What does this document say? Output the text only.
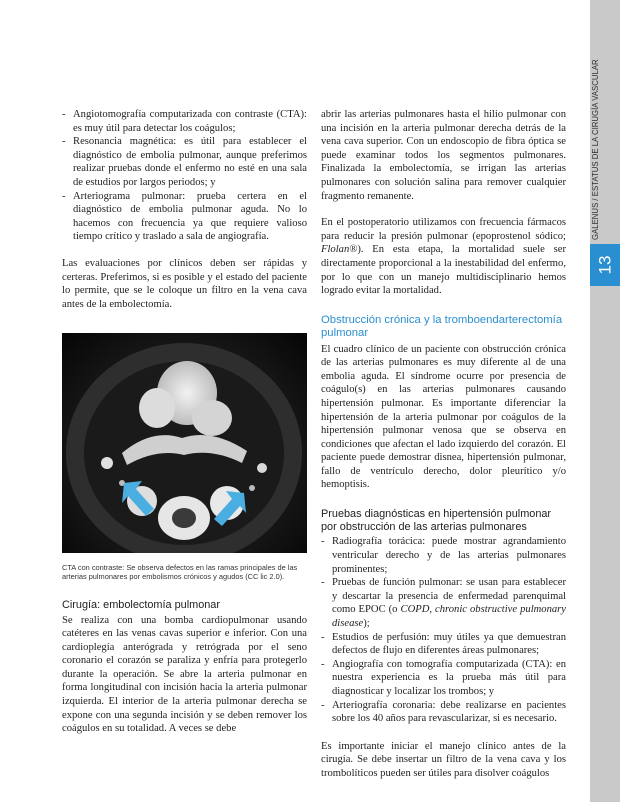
GALENUS / ESTATUS DE LA CIRUGÍA VASCULAR
13
- Angiotomografía computarizada con contraste (CTA): es muy útil para detectar los coágulos;
- Resonancia magnética: es útil para establecer el diagnóstico de embolia pulmonar, aunque preferimos realizar pruebas donde el enfermo no esté en una sala de estudios por largos periodos; y
- Arteriograma pulmonar: prueba certera en el diagnóstico de embolia pulmonar aguda. No lo hacemos con frecuencia ya que requiere valioso tiempo crítico y traslado a sala de angiografía.

Las evaluaciones por clínicos deben ser rápidas y certeras. Preferimos, si es posible y el estado del paciente lo permite, que se le coloque un filtro en la vena cava antes de la embolectomía.

CTA con contraste: Se observa defectos en las ramas principales de las arterias pulmonares por embolismos crónicos y agudos (CC lic 2.0).
Cirugía: embolectomía pulmonar

Se realiza con una bomba cardiopulmonar usando catéteres en las venas cavas superior e inferior. Con una cardioplegía anterógrada y retrógrada por el seno coronario el corazón se paraliza y enfría para protegerlo durante la operación. Se abre la arteria pulmonar en forma longitudinal con incisión hacia la arteria pulmonar izquierda. El interior de la arteria pulmonar derecha se expone con una segunda incisión y se deben remover los coágulos en su totalidad. A veces se debe

abrir las arterias pulmonares hasta el hilio pulmonar con una incisión en la arteria pulmonar derecha detrás de la vena cava superior. Con un endoscopio de fibra óptica se puede examinar todos los segmentos pulmonares. Finalizada la embolectomía, se irrigan las arterias pulmonares con solución salina para remover cualquier fragmento remanente.

En el postoperatorio utilizamos con frecuencia fármacos para reducir la presión pulmonar (epoprostenol sódico; Flolan®). En esta etapa, la mortalidad suele ser directamente proporcional a la inestabilidad del enfermo, por lo que con un manejo multidisciplinario hemos logrado evitar la mortalidad.

Obstrucción crónica y la tromboendarterectomía pulmonar

El cuadro clínico de un paciente con obstrucción crónica de las arterias pulmonares es muy diferente al de una embolia aguda. El síndrome ocurre por presencia de coágulo(s) en las arterias pulmonares causando hipertensión pulmonar. Es importante diferenciar la hipertensión de la arteria pulmonar por coágulos de la hipertensión pulmonar venosa que se observa en condiciones que afectan el lado izquierdo del corazón. El paciente puede demostrar disnea, hipertensión pulmonar, fallo de ventrículo derecho, dolor pleurítico y/o hemoptisis.

Pruebas diagnósticas en hipertensión pulmonar por obstrucción de las arterias pulmonares
- Radiografía torácica: puede mostrar agrandamiento ventricular derecho y de las arterias pulmonares prominentes;
- Pruebas de función pulmonar: se usan para establecer y descartar la presencia de enfermedad parenquimal como EPOC (o COPD, chronic obstructive pulmonary disease);
- Estudios de perfusión: muy útiles ya que demuestran defectos de flujo en diferentes áreas pulmonares;
- Angiografía con tomografía computarizada (CTA): en nuestra experiencia es la prueba más útil para diagnosticar y localizar los trombos; y
- Arteriografía coronaria: debe realizarse en pacientes sobre los 40 años para revascularizar, si es necesario.

Es importante iniciar el manejo clínico antes de la cirugía. Se debe insertar un filtro de la vena cava y los trombolíticos pueden ser útiles para disolver coágulos
